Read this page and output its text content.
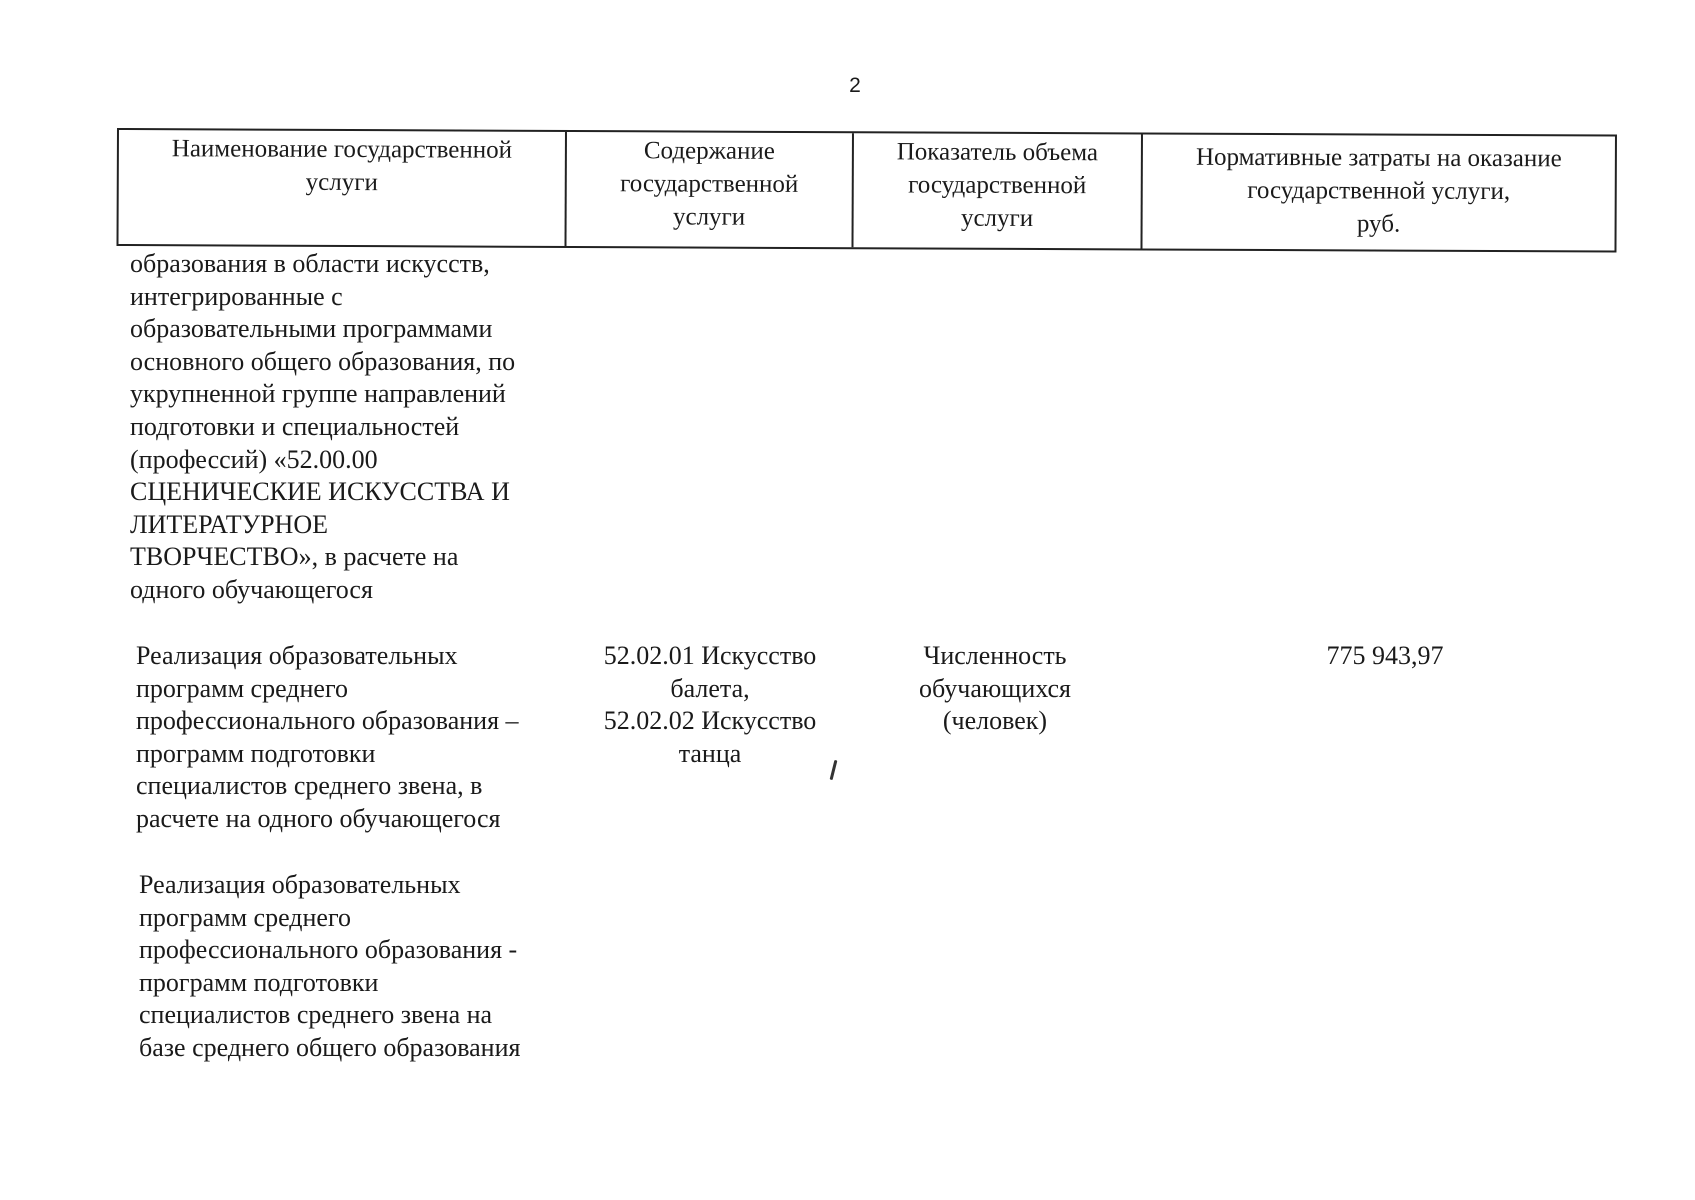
2
Наименование государственной
услуги
Содержание
государственной
услуги
Показатель объема
государственной
услуги
Нормативные затраты на оказание
государственной услуги,
руб.
образования в области искусств,
интегрированные с
образовательными программами
основного общего образования, по
укрупненной группе направлений
подготовки и специальностей
(профессий) «52.00.00
СЦЕНИЧЕСКИЕ ИСКУССТВА И
ЛИТЕРАТУРНОЕ
ТВОРЧЕСТВО», в расчете на
одного обучающегося
Реализация образовательных
программ среднего
профессионального образования –
программ подготовки
специалистов среднего звена, в
расчете на одного обучающегося
52.02.01 Искусство
балета,
52.02.02 Искусство
танца
Численность
обучающихся
(человек)
775 943,97
Реализация образовательных
программ среднего
профессионального образования -
программ подготовки
специалистов среднего звена на
базе среднего общего образования
